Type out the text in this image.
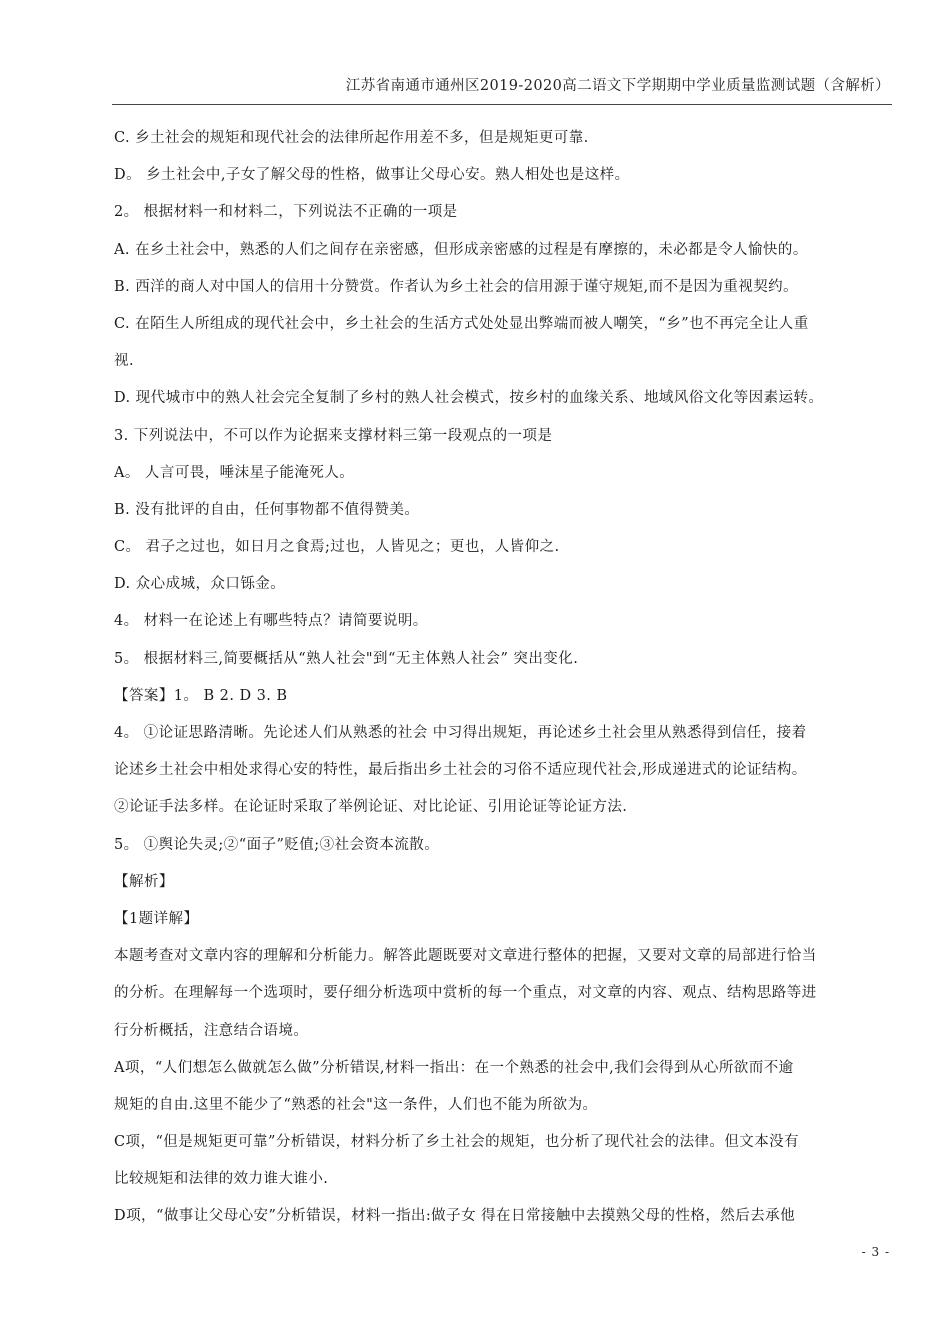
江苏省南通市通州区2019-2020高二语文下学期期中学业质量监测试题（含解析）
C. 乡土社会的规矩和现代社会的法律所起作用差不多，但是规矩更可靠.
D。 乡土社会中,子女了解父母的性格，做事让父母心安。熟人相处也是这样。
2。 根据材料一和材料二，下列说法不正确的一项是
A. 在乡土社会中，熟悉的人们之间存在亲密感，但形成亲密感的过程是有摩擦的，未必都是令人愉快的。
B. 西洋的商人对中国人的信用十分赞赏。作者认为乡土社会的信用源于谨守规矩,而不是因为重视契约。
C. 在陌生人所组成的现代社会中，乡土社会的生活方式处处显出弊端而被人嘲笑，“乡”也不再完全让人重
视.
D. 现代城市中的熟人社会完全复制了乡村的熟人社会模式，按乡村的血缘关系、地域风俗文化等因素运转。
3. 下列说法中，不可以作为论据来支撑材料三第一段观点的一项是
A。 人言可畏，唾沫星子能淹死人。
B. 没有批评的自由，任何事物都不值得赞美。
C。 君子之过也，如日月之食焉;过也，人皆见之；更也，人皆仰之.
D. 众心成城，众口铄金。
4。 材料一在论述上有哪些特点？请简要说明。
5。 根据材料三,简要概括从“熟人社会"到“无主体熟人社会” 突出变化.
【答案】1。 B 2. D 3. B
4。 ①论证思路清晰。先论述人们从熟悉的社会 中习得出规矩，再论述乡土社会里从熟悉得到信任，接着
论述乡土社会中相处求得心安的特性，最后指出乡土社会的习俗不适应现代社会,形成递进式的论证结构。
②论证手法多样。在论证时采取了举例论证、对比论证、引用论证等论证方法.
5。 ①舆论失灵;②“面子”贬值;③社会资本流散。
【解析】
【1题详解】
本题考查对文章内容的理解和分析能力。解答此题既要对文章进行整体的把握，又要对文章的局部进行恰当
的分析。在理解每一个选项时，要仔细分析选项中赏析的每一个重点，对文章的内容、观点、结构思路等进
行分析概括，注意结合语境。
A项，“人们想怎么做就怎么做”分析错误,材料一指出：在一个熟悉的社会中,我们会得到从心所欲而不逾
规矩的自由.这里不能少了“熟悉的社会"这一条件，人们也不能为所欲为。
C项，“但是规矩更可靠”分析错误，材料分析了乡土社会的规矩，也分析了现代社会的法律。但文本没有
比较规矩和法律的效力谁大谁小.
D项，“做事让父母心安”分析错误，材料一指出:做子女 得在日常接触中去摸熟父母的性格，然后去承他
- 3 -
